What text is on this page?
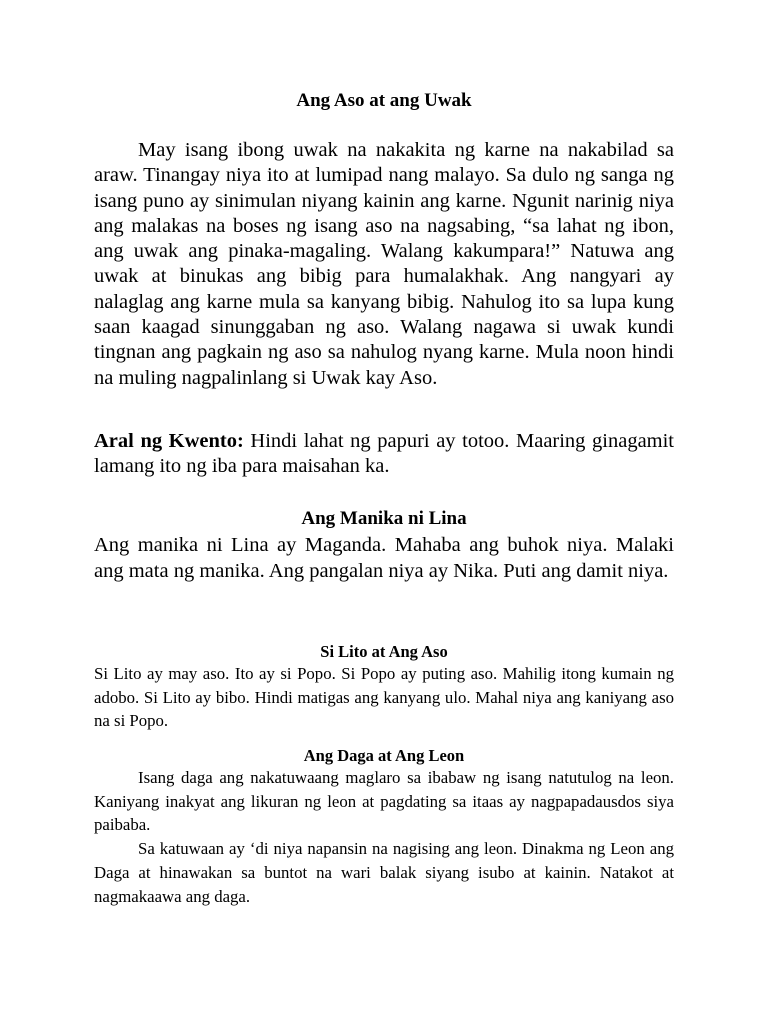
Ang Aso at ang Uwak

May isang ibong uwak na nakakita ng karne na nakabilad sa araw. Tinangay niya ito at lumipad nang malayo. Sa dulo ng sanga ng isang puno ay sinimulan niyang kainin ang karne. Ngunit narinig niya ang malakas na boses ng isang aso na nagsabing, “sa lahat ng ibon, ang uwak ang pinaka-magaling. Walang kakumpara!” Natuwa ang uwak at binukas ang bibig para humalakhak. Ang nangyari ay nalaglag ang karne mula sa kanyang bibig. Nahulog ito sa lupa kung saan kaagad sinunggaban ng aso. Walang nagawa si uwak kundi tingnan ang pagkain ng aso sa nahulog nyang karne. Mula noon hindi na muling nagpalinlang si Uwak kay Aso.

Aral ng Kwento: Hindi lahat ng papuri ay totoo. Maaring ginagamit lamang ito ng iba para maisahan ka.

Ang Manika ni Lina

Ang manika ni Lina ay Maganda. Mahaba ang buhok niya. Malaki ang mata ng manika. Ang pangalan niya ay Nika. Puti ang damit niya.

Si Lito at Ang Aso

Si Lito ay may aso. Ito ay si Popo. Si Popo ay puting aso. Mahilig itong kumain ng adobo. Si Lito ay bibo. Hindi matigas ang kanyang ulo. Mahal niya ang kaniyang aso na si Popo.

Ang Daga at Ang Leon

Isang daga ang nakatuwaang maglaro sa ibabaw ng isang natutulog na leon. Kaniyang inakyat ang likuran ng leon at pagdating sa itaas ay nagpapadausdos siya paibaba.

Sa katuwaan ay ‘di niya napansin na nagising ang leon. Dinakma ng Leon ang Daga at hinawakan sa buntot na wari balak siyang isubo at kainin. Natakot at nagmakaawa ang daga.
